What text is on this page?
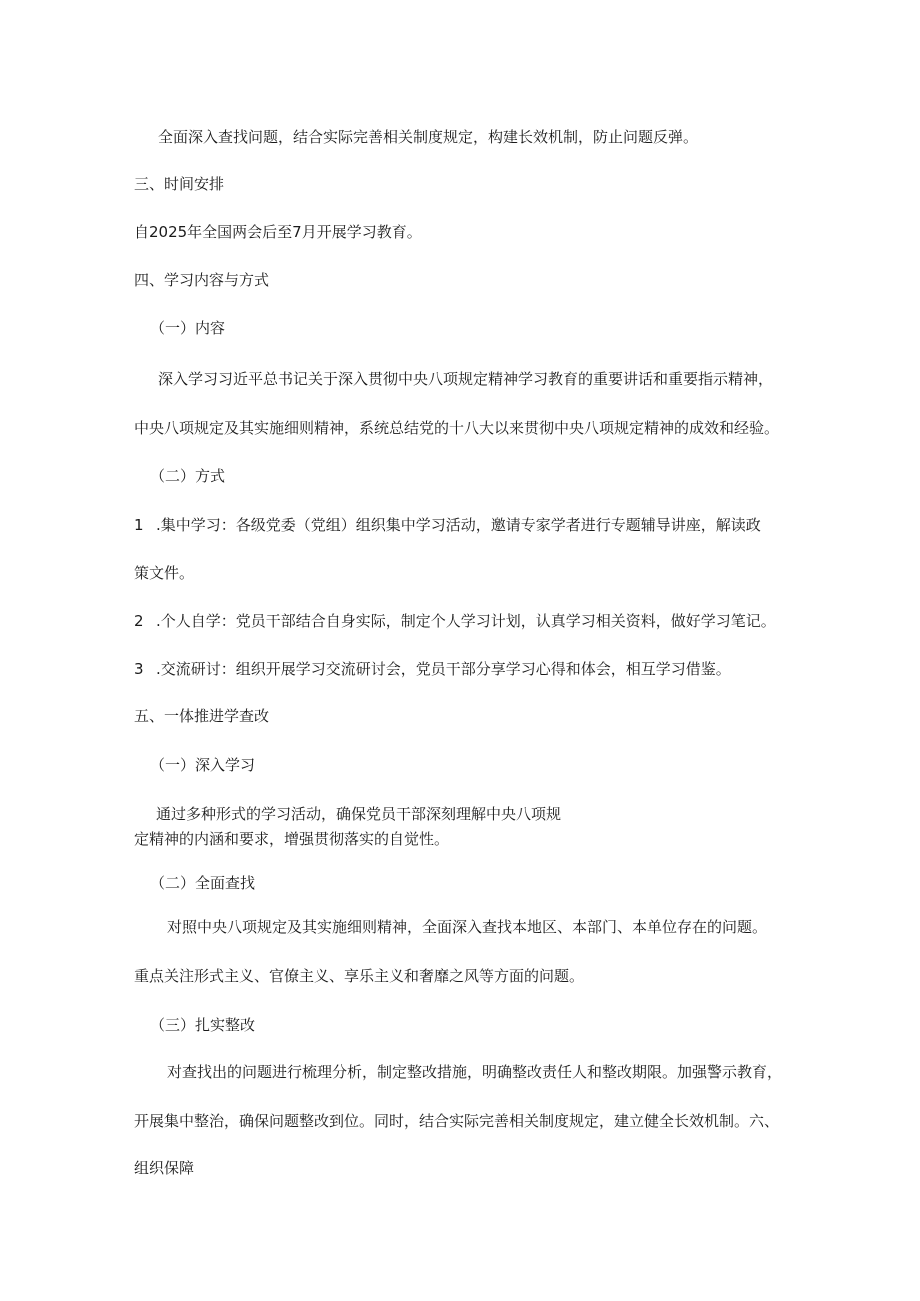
全面深入查找问题，结合实际完善相关制度规定，构建长效机制，防止问题反弹。

三、时间安排

自2025年全国两会后至7月开展学习教育。

四、学习内容与方式

（一）内容

深入学习习近平总书记关于深入贯彻中央八项规定精神学习教育的重要讲话和重要指示精神，

中央八项规定及其实施细则精神，系统总结党的十八大以来贯彻中央八项规定精神的成效和经验。

（二）方式

1 .集中学习：各级党委（党组）组织集中学习活动，邀请专家学者进行专题辅导讲座，解读政

策文件。

2 .个人自学：党员干部结合自身实际，制定个人学习计划，认真学习相关资料，做好学习笔记。

3 .交流研讨：组织开展学习交流研讨会，党员干部分享学习心得和体会，相互学习借鉴。

五、一体推进学查改

（一）深入学习

通过多种形式的学习活动，确保党员干部深刻理解中央八项规

定精神的内涵和要求，增强贯彻落实的自觉性。

（二）全面查找

对照中央八项规定及其实施细则精神，全面深入查找本地区、本部门、本单位存在的问题。

重点关注形式主义、官僚主义、享乐主义和奢靡之风等方面的问题。

（三）扎实整改

对查找出的问题进行梳理分析，制定整改措施，明确整改责任人和整改期限。加强警示教育，

开展集中整治，确保问题整改到位。同时，结合实际完善相关制度规定，建立健全长效机制。六、

组织保障
